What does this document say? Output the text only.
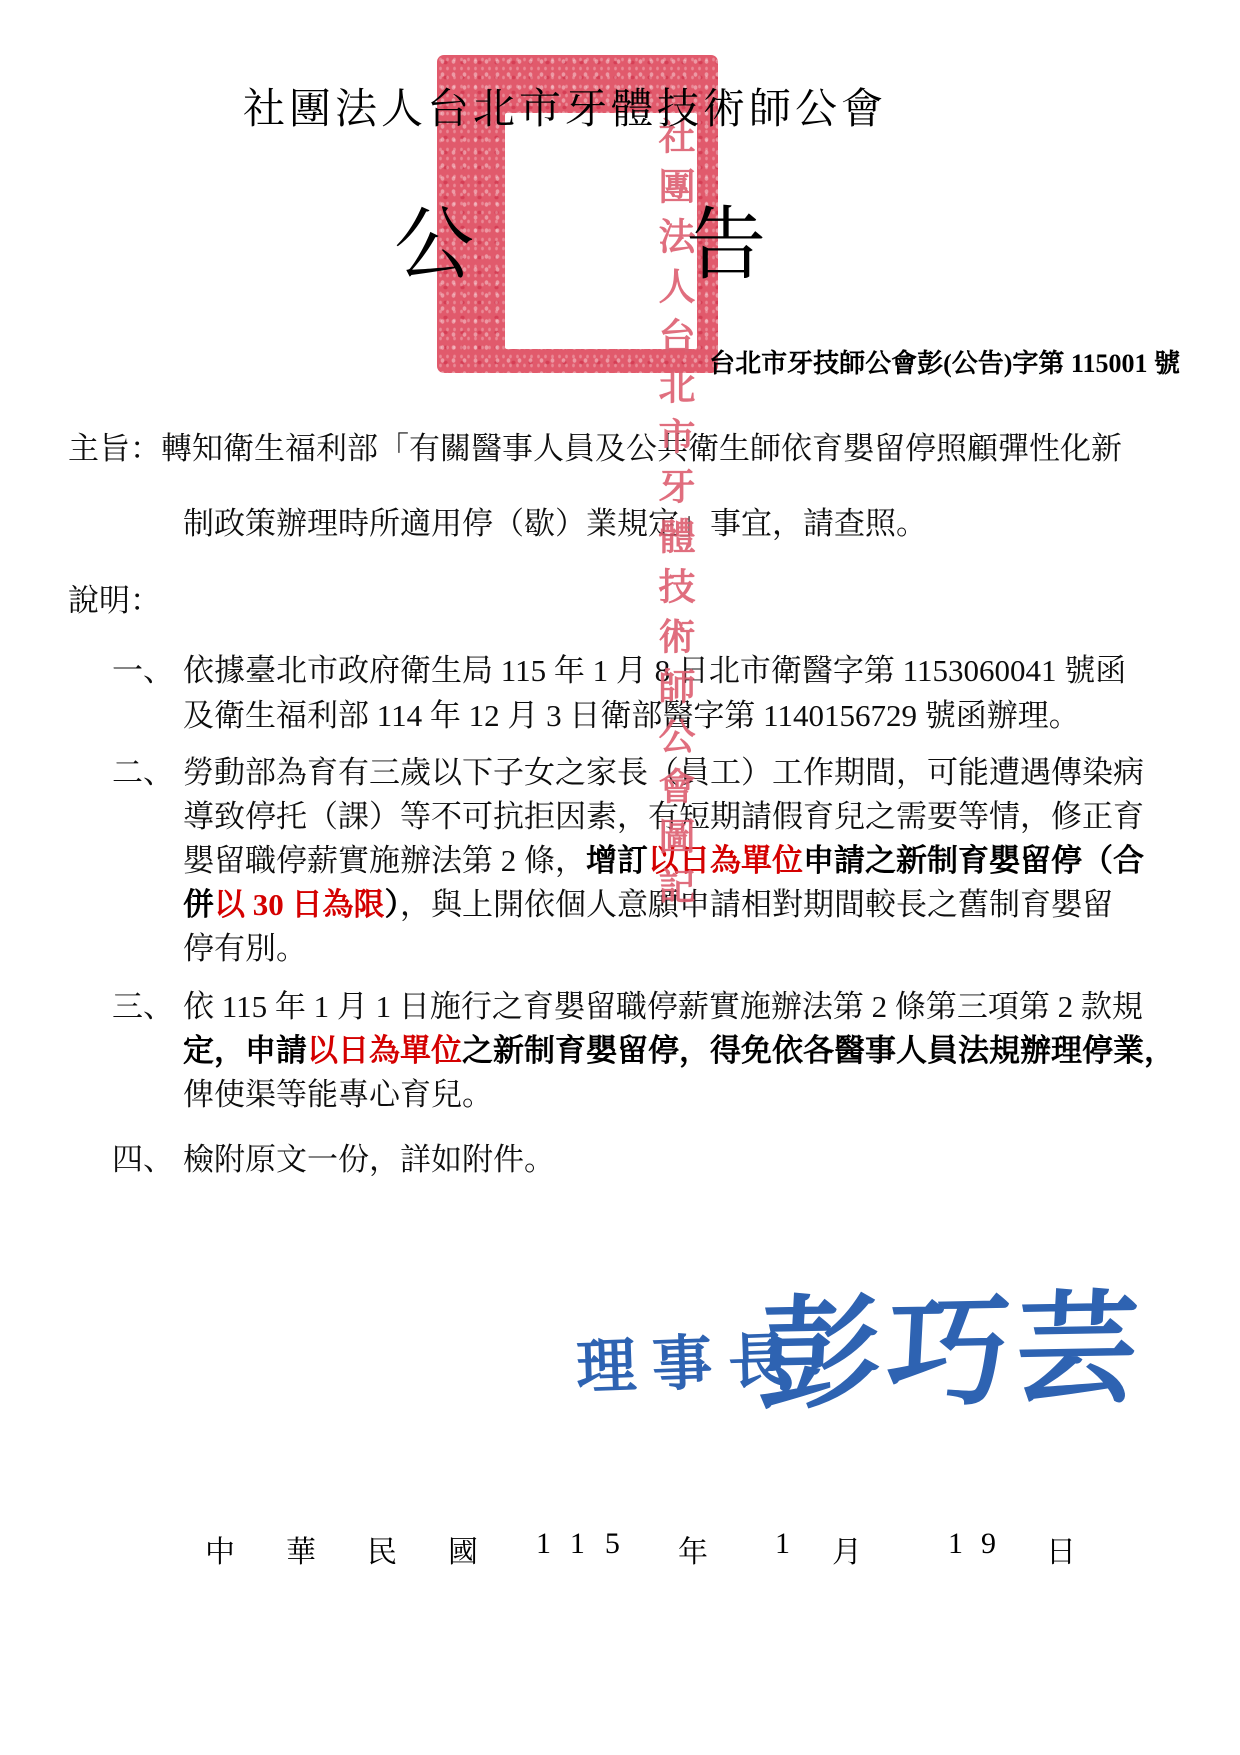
社團法人台北市牙體技術師公會圖記
社團法人台北市牙體技術師公會
公	告
台北市牙技師公會彭(公告)字第 115001 號
主旨：轉知衛生福利部「有關醫事人員及公共衛生師依育嬰留停照顧彈性化新
制政策辦理時所適用停（歇）業規定」事宜，請查照。
說明：
一、 依據臺北市政府衛生局 115 年 1 月 8 日北市衛醫字第 1153060041 號函
及衛生福利部 114 年 12 月 3 日衛部醫字第 1140156729 號函辦理。
二、 勞動部為育有三歲以下子女之家長（員工）工作期間，可能遭遇傳染病
導致停托（課）等不可抗拒因素，有短期請假育兒之需要等情，修正育
嬰留職停薪實施辦法第 2 條，增訂以日為單位申請之新制育嬰留停（合
併以 30 日為限），與上開依個人意願申請相對期間較長之舊制育嬰留
停有別。
三、 依 115 年 1 月 1 日施行之育嬰留職停薪實施辦法第 2 條第三項第 2 款規
定，申請以日為單位之新制育嬰留停，得免依各醫事人員法規辦理停業，
俾使渠等能專心育兒。
四、 檢附原文一份，詳如附件。
理事長
彭巧芸
中 華 民 國 115 年 1 月	19 日
